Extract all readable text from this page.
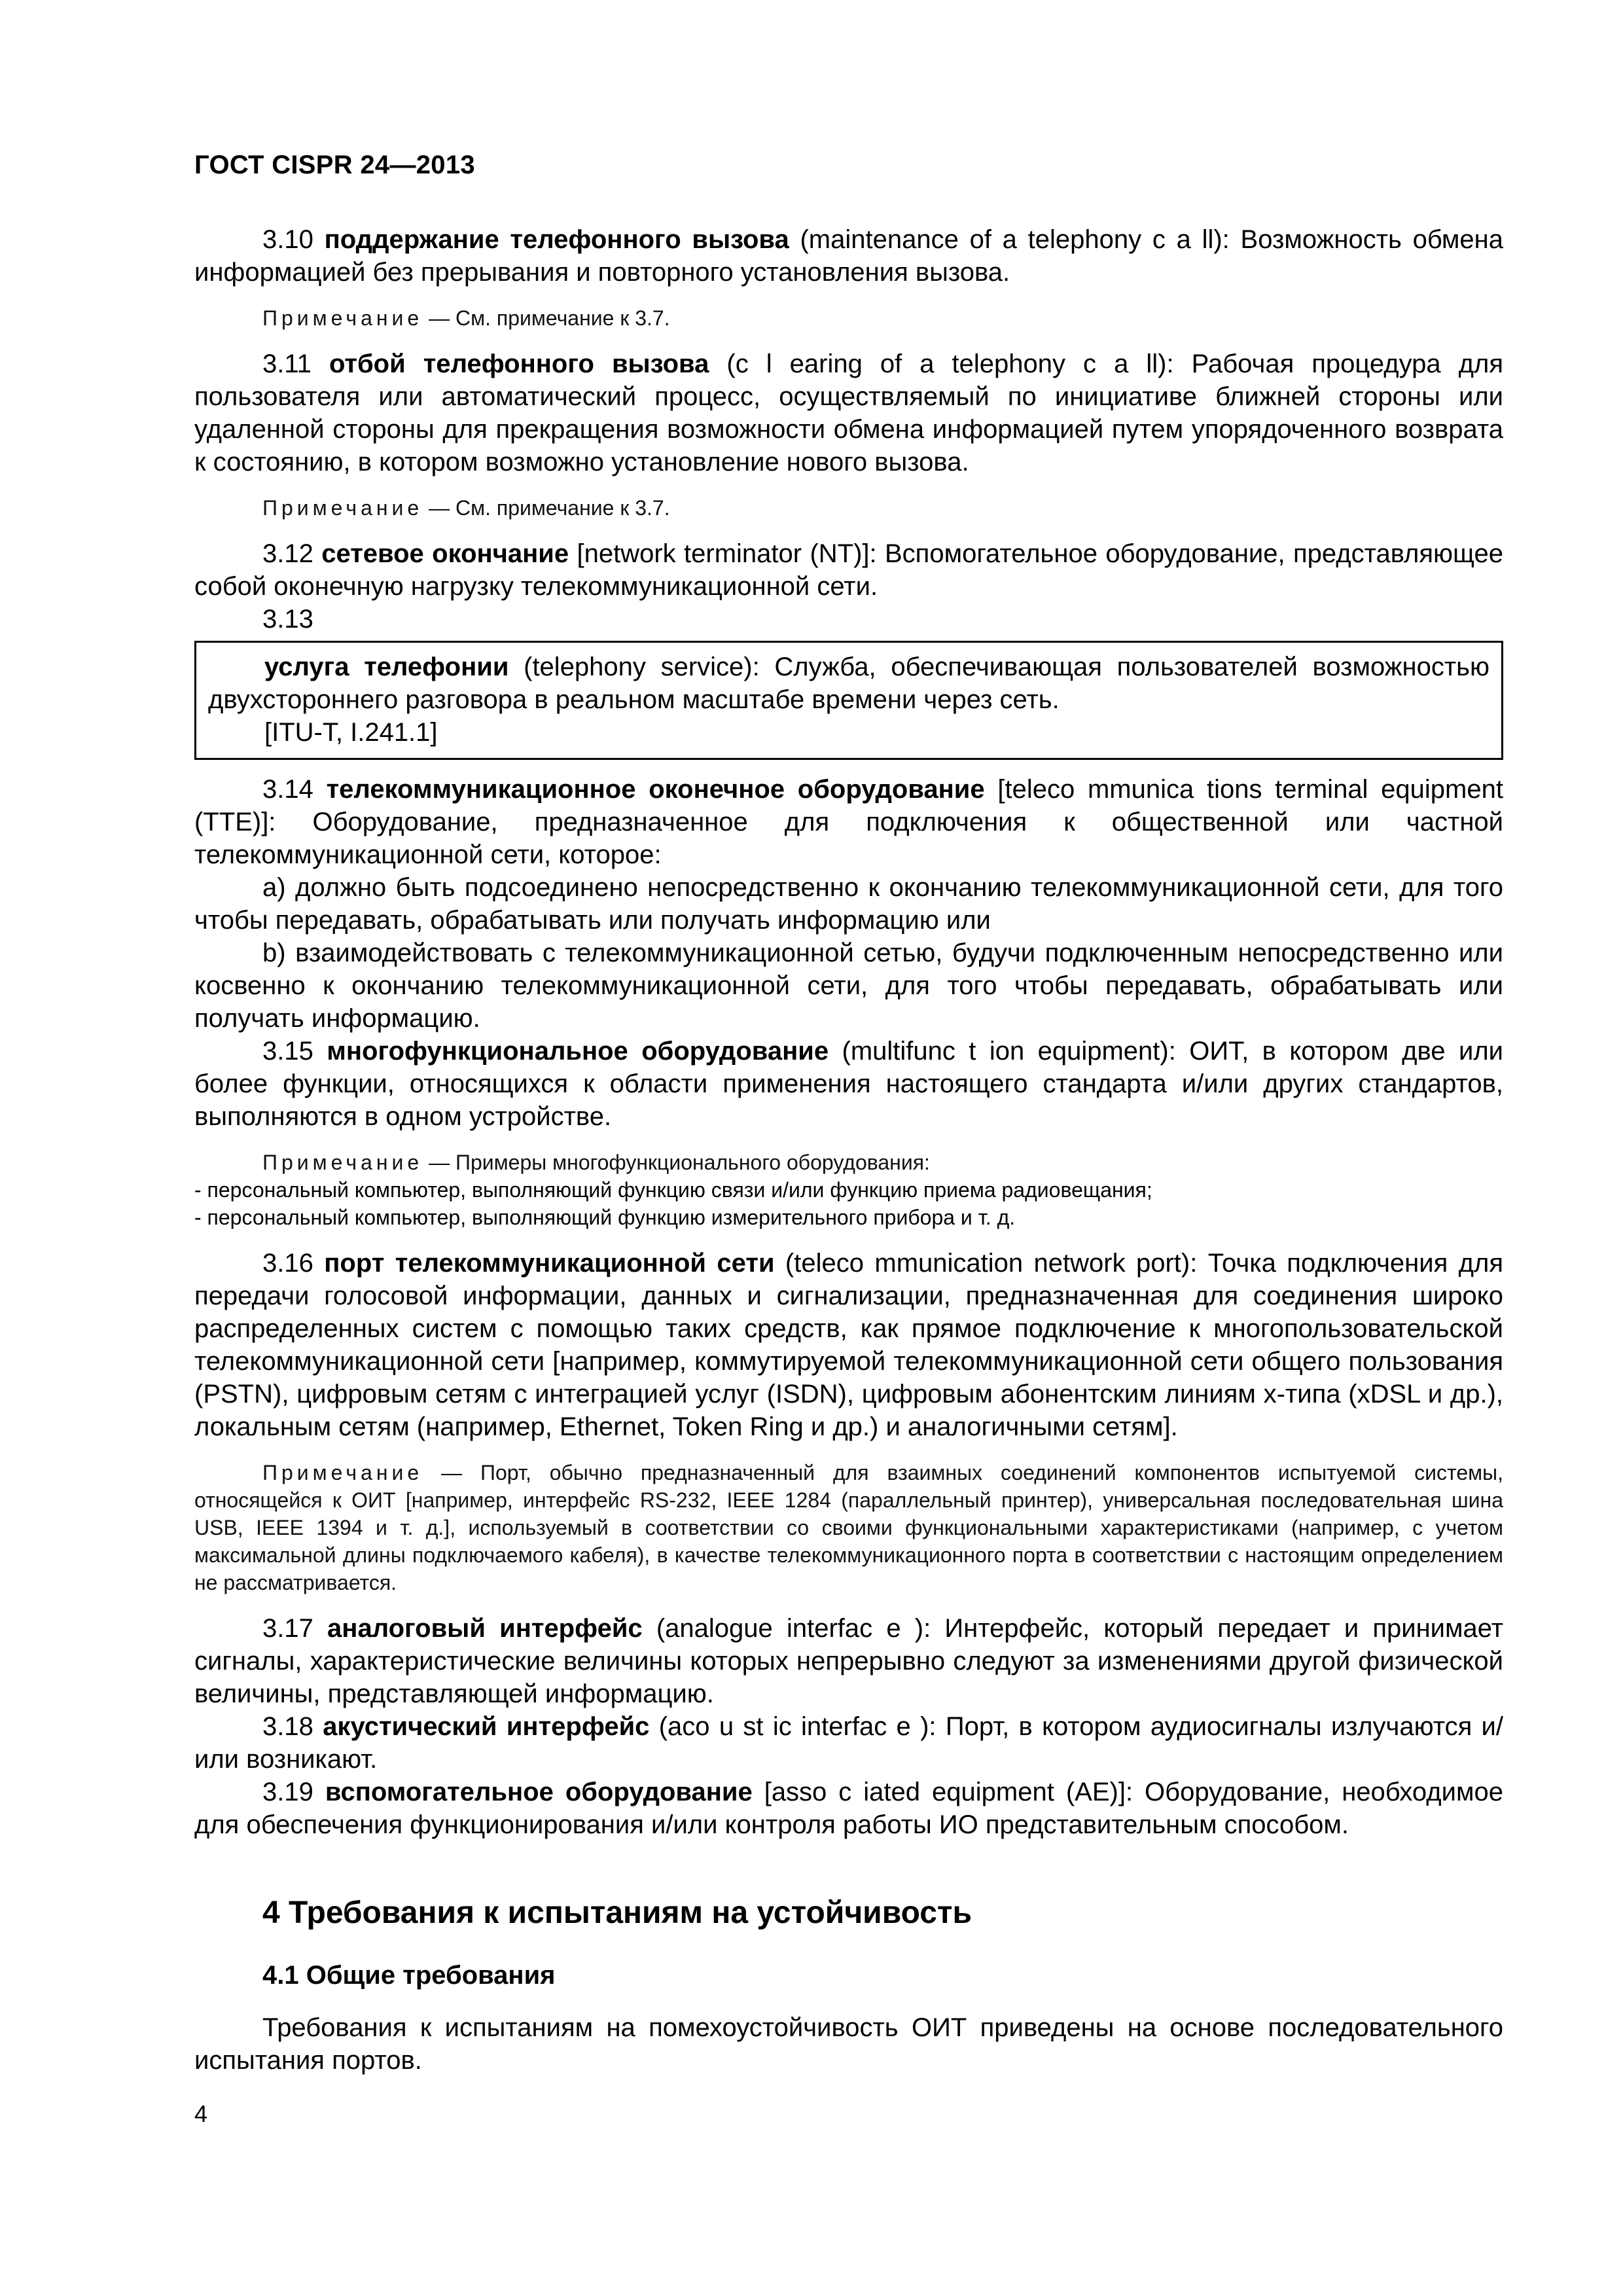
ГОСТ CISPR 24—2013

3.10 поддержание телефонного вызова (maintenance of a telephony c a ll): Возможность обмена информацией без прерывания и повторного установления вызова.

Примечание — См. примечание к 3.7.

3.11 отбой телефонного вызова (c l earing of a telephony c a ll): Рабочая процедура для пользователя или автоматический процесс, осуществляемый по инициативе ближней стороны или удаленной стороны для прекращения возможности обмена информацией путем упорядоченного возврата к состоянию, в котором возможно установление нового вызова.

Примечание — См. примечание к 3.7.

3.12 сетевое окончание [network terminator (NT)]: Вспомогательное оборудование, представляющее собой оконечную нагрузку телекоммуникационной сети.

3.13

услуга телефонии (telephony service): Служба, обеспечивающая пользователей возможностью двухстороннего разговора в реальном масштабе времени через сеть.

[ITU-T, I.241.1]

3.14 телекоммуникационное оконечное оборудование [teleco mmunica tions terminal equipment (TTE)]: Оборудование, предназначенное для подключения к общественной или частной телекоммуникационной сети, которое:

а) должно быть подсоединено непосредственно к окончанию телекоммуникационной сети, для того чтобы передавать, обрабатывать или получать информацию или

b) взаимодействовать с телекоммуникационной сетью, будучи подключенным непосредственно или косвенно к окончанию телекоммуникационной сети, для того чтобы передавать, обрабатывать или получать информацию.

3.15 многофункциональное оборудование (multifunc t ion equipment): ОИТ, в котором две или более функции, относящихся к области применения настоящего стандарта и/или других стандартов, выполняются в одном устройстве.

Примечание — Примеры многофункционального оборудования:

- персональный компьютер, выполняющий функцию связи и/или функцию приема радиовещания;
- персональный компьютер, выполняющий функцию измерительного прибора и т. д.

3.16 порт телекоммуникационной сети (teleco mmunication network port): Точка подключения для передачи голосовой информации, данных и сигнализации, предназначенная для соединения широко распределенных систем с помощью таких средств, как прямое подключение к многопользовательской телекоммуникационной сети [например, коммутируемой телекоммуникационной сети общего пользования (PSTN), цифровым сетям с интеграцией услуг (ISDN), цифровым абонентским линиям x-типа (xDSL и др.), локальным сетям (например, Ethernet, Token Ring и др.) и аналогичными сетям].

Примечание — Порт, обычно предназначенный для взаимных соединений компонентов испытуемой системы, относящейся к ОИТ [например, интерфейс RS-232, IEEE 1284 (параллельный принтер), универсальная последовательная шина USB, IEEE 1394 и т. д.], используемый в соответствии со своими функциональными характеристиками (например, с учетом максимальной длины подключаемого кабеля), в качестве телекоммуникационного порта в соответствии с настоящим определением не рассматривается.

3.17 аналоговый интерфейс (analogue interfac e ): Интерфейс, который передает и принимает сигналы, характеристические величины которых непрерывно следуют за изменениями другой физической величины, представляющей информацию.

3.18 акустический интерфейс (aco u st ic interfac e ): Порт, в котором аудиосигналы излучаются и/или возникают.

3.19 вспомогательное оборудование [asso c iated equipment (AE)]: Оборудование, необходимое для обеспечения функционирования и/или контроля работы ИО представительным способом.

4 Требования к испытаниям на устойчивость
4.1 Общие требования

Требования к испытаниям на помехоустойчивость ОИТ приведены на основе последовательного испытания портов.

4
